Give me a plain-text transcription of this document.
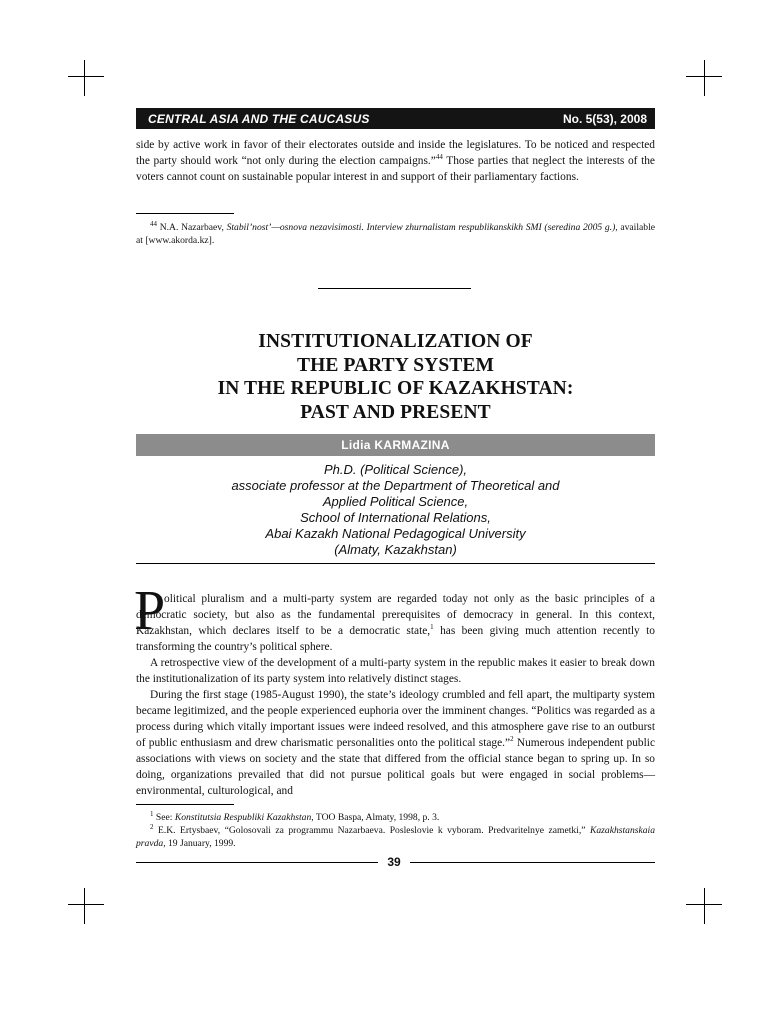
CENTRAL ASIA AND THE CAUCASUS	No. 5(53), 2008

side by active work in favor of their electorates outside and inside the legislatures. To be noticed and respected the party should work “not only during the election campaigns.”$^{44}$ Those parties that neglect the interests of the voters cannot count on sustainable popular interest in and support of their parliamentary factions.

$^{44}$ N.A. Nazarbaev, Stabil’nost’—osnova nezavisimosti. Interview zhurnalistam respublikanskikh SMI (seredina 2005 g.), available at [www.akorda.kz].

INSTITUTIONALIZATION OF
THE PARTY SYSTEM
IN THE REPUBLIC OF KAZAKHSTAN:
PAST AND PRESENT
Lidia KARMAZINA
Ph.D. (Political Science),
associate professor at the Department of Theoretical and
Applied Political Science,
School of International Relations,
Abai Kazakh National Pedagogical University
(Almaty, Kazakhstan)
P

olitical pluralism and a multi-party system are regarded today not only as the basic principles of a democratic society, but also as the fundamental prerequisites of democracy in general. In this context, Kazakhstan, which declares itself to be a democratic state,$^1$ has been giving much attention recently to transforming the country’s political sphere.

A retrospective view of the development of a multi-party system in the republic makes it easier to break down the institutionalization of its party system into relatively distinct stages.

During the first stage (1985-August 1990), the state’s ideology crumbled and fell apart, the multiparty system became legitimized, and the people experienced euphoria over the imminent changes. “Politics was regarded as a process during which vitally important issues were indeed resolved, and this atmosphere gave rise to an outburst of public enthusiasm and drew charismatic personalities onto the political stage.”$^2$ Numerous independent public associations with views on society and the state that differed from the official stance began to spring up. In so doing, organizations prevailed that did not pursue political goals but were engaged in social problems—environmental, culturological, and

$^1$ See: Konstitutsia Respubliki Kazakhstan, TOO Baspa, Almaty, 1998, p. 3.

$^2$ E.K. Ertysbaev, “Golosovali za programmu Nazarbaeva. Posleslovie k vyboram. Predvaritelnye zametki,” Kazakhstanskaia pravda, 19 January, 1999.

39
